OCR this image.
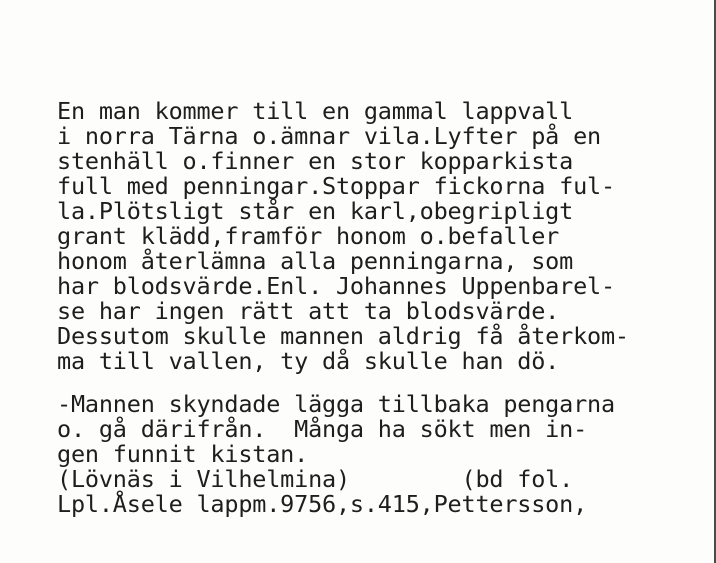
En man kommer till en gammal lappvall
i norra Tärna o.ämnar vila.Lyfter på en
stenhäll o.finner en stor kopparkista
full med penningar.Stoppar fickorna ful-
la.Plötsligt står en karl,obegripligt
grant klädd,framför honom o.befaller
honom återlämna alla penningarna, som
har blodsvärde.Enl. Johannes Uppenbarel-
se har ingen rätt att ta blodsvärde.
Dessutom skulle mannen aldrig få återkom-
ma till vallen, ty då skulle han dö.
-Mannen skyndade lägga tillbaka pengarna
o. gå därifrån.  Många ha sökt men in-
gen funnit kistan.
(Lövnäs i Vilhelmina)        (bd fol.
Lpl.Åsele lappm.9756,s.415,Pettersson,
